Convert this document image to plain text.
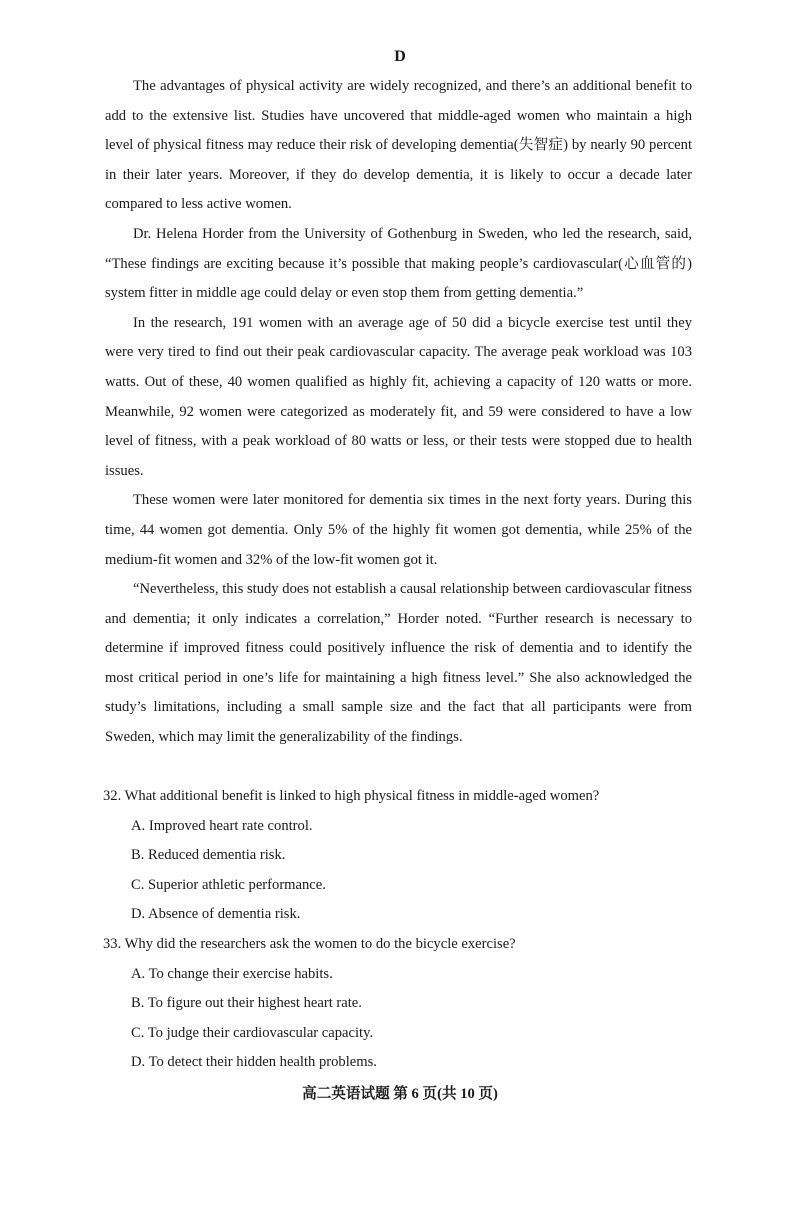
D

The advantages of physical activity are widely recognized, and there’s an additional benefit to add to the extensive list. Studies have uncovered that middle-aged women who maintain a high level of physical fitness may reduce their risk of developing dementia(失智症) by nearly 90 percent in their later years. Moreover, if they do develop dementia, it is likely to occur a decade later compared to less active women.

Dr. Helena Horder from the University of Gothenburg in Sweden, who led the research, said, “These findings are exciting because it’s possible that making people’s cardiovascular(心血管的) system fitter in middle age could delay or even stop them from getting dementia.”

In the research, 191 women with an average age of 50 did a bicycle exercise test until they were very tired to find out their peak cardiovascular capacity. The average peak workload was 103 watts. Out of these, 40 women qualified as highly fit, achieving a capacity of 120 watts or more. Meanwhile, 92 women were categorized as moderately fit, and 59 were considered to have a low level of fitness, with a peak workload of 80 watts or less, or their tests were stopped due to health issues.

These women were later monitored for dementia six times in the next forty years. During this time, 44 women got dementia. Only 5% of the highly fit women got dementia, while 25% of the medium-fit women and 32% of the low-fit women got it.

“Nevertheless, this study does not establish a causal relationship between cardiovascular fitness and dementia; it only indicates a correlation,” Horder noted. “Further research is necessary to determine if improved fitness could positively influence the risk of dementia and to identify the most critical period in one’s life for maintaining a high fitness level.” She also acknowledged the study’s limitations, including a small sample size and the fact that all participants were from Sweden, which may limit the generalizability of the findings.

32. What additional benefit is linked to high physical fitness in middle-aged women?

A. Improved heart rate control.
B. Reduced dementia risk.
C. Superior athletic performance.
D. Absence of dementia risk.

33. Why did the researchers ask the women to do the bicycle exercise?

A. To change their exercise habits.
B. To figure out their highest heart rate.
C. To judge their cardiovascular capacity.
D. To detect their hidden health problems.
高二英语试题 第 6 页(共 10 页)
